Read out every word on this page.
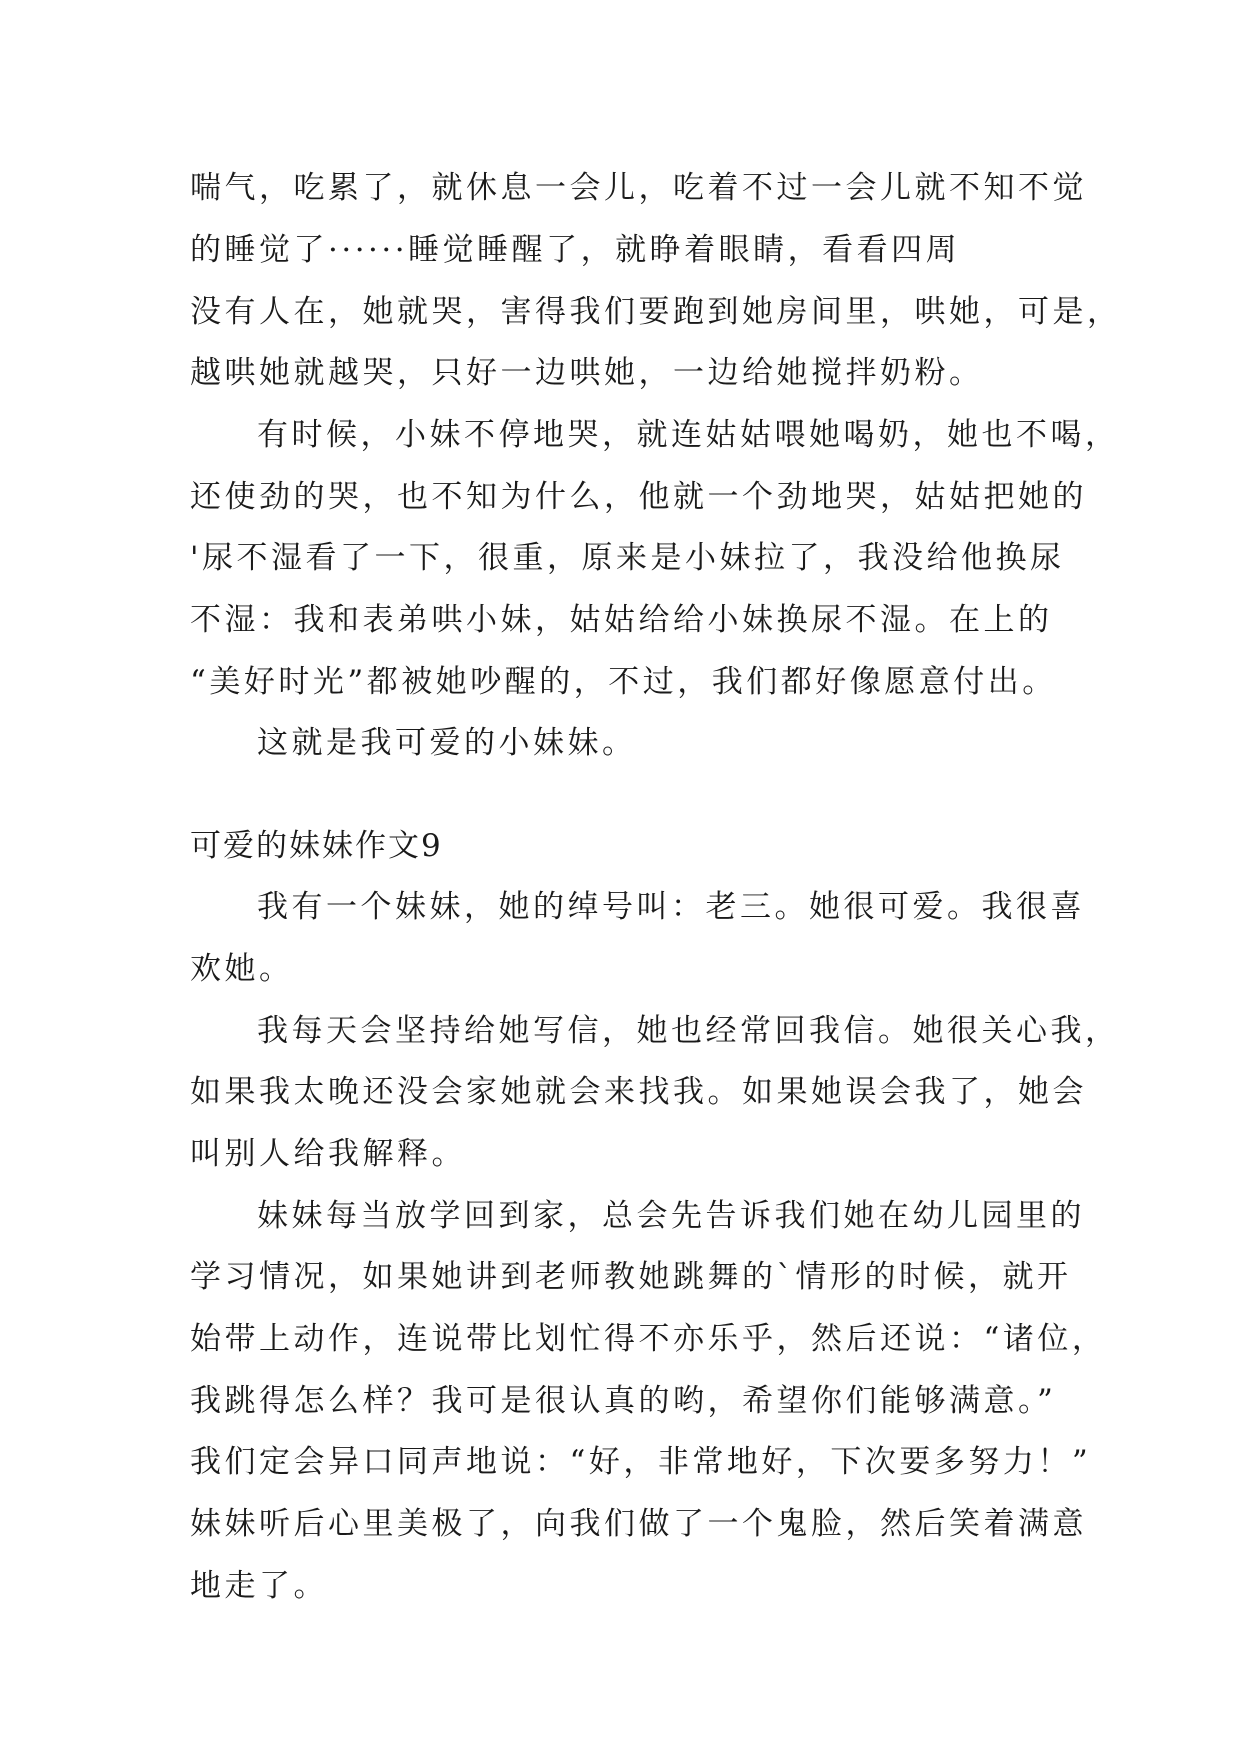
喘气，吃累了，就休息一会儿，吃着不过一会儿就不知不觉
的睡觉了······睡觉睡醒了，就睁着眼睛，看看四周
没有人在，她就哭，害得我们要跑到她房间里，哄她，可是，
越哄她就越哭，只好一边哄她，一边给她搅拌奶粉。
有时候，小妹不停地哭，就连姑姑喂她喝奶，她也不喝，
还使劲的哭，也不知为什么，他就一个劲地哭，姑姑把她的
'尿不湿看了一下，很重，原来是小妹拉了，我没给他换尿
不湿：我和表弟哄小妹，姑姑给给小妹换尿不湿。在上的
“美好时光”都被她吵醒的，不过，我们都好像愿意付出。
这就是我可爱的小妹妹。
可爱的妹妹作文9
我有一个妹妹，她的绰号叫：老三。她很可爱。我很喜
欢她。
我每天会坚持给她写信，她也经常回我信。她很关心我，
如果我太晚还没会家她就会来找我。如果她误会我了，她会
叫别人给我解释。
妹妹每当放学回到家，总会先告诉我们她在幼儿园里的
学习情况，如果她讲到老师教她跳舞的`情形的时候，就开
始带上动作，连说带比划忙得不亦乐乎，然后还说：“诸位，
我跳得怎么样？我可是很认真的哟，希望你们能够满意。”
我们定会异口同声地说：“好，非常地好，下次要多努力！”
妹妹听后心里美极了，向我们做了一个鬼脸，然后笑着满意
地走了。
